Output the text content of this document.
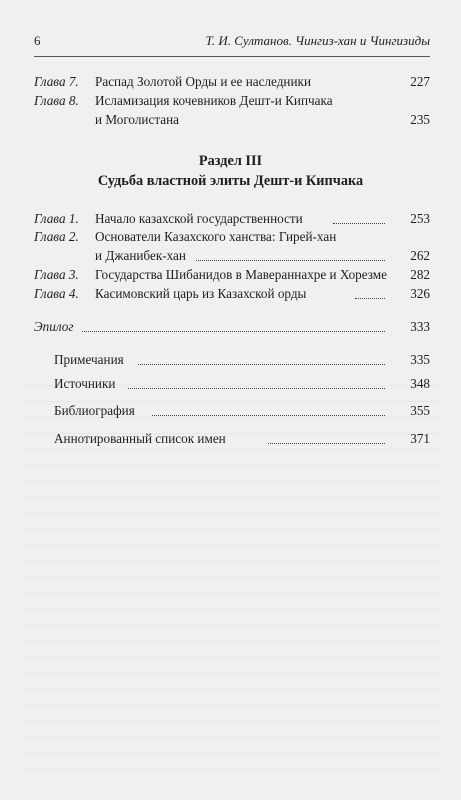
6	Т. И. Султанов. Чингиз-хан и Чингизиды
Глава 7. Распад Золотой Орды и ее наследники	227
Глава 8. Исламизация кочевников Дешт-и Кипчака
и Моголистана	235
Раздел III
Судьба властной элиты Дешт-и Кипчака
Глава 1. Начало казахской государственности	253
Глава 2. Основатели Казахского ханства: Гирей-хан
и Джанибек-хан	262
Глава 3. Государства Шибанидов в Мавераннахре и Хорезме	282
Глава 4. Касимовский царь из Казахской орды	326
Эпилог	333
Примечания	335
Источники	348
Библиография	355
Аннотированный список имен	371
